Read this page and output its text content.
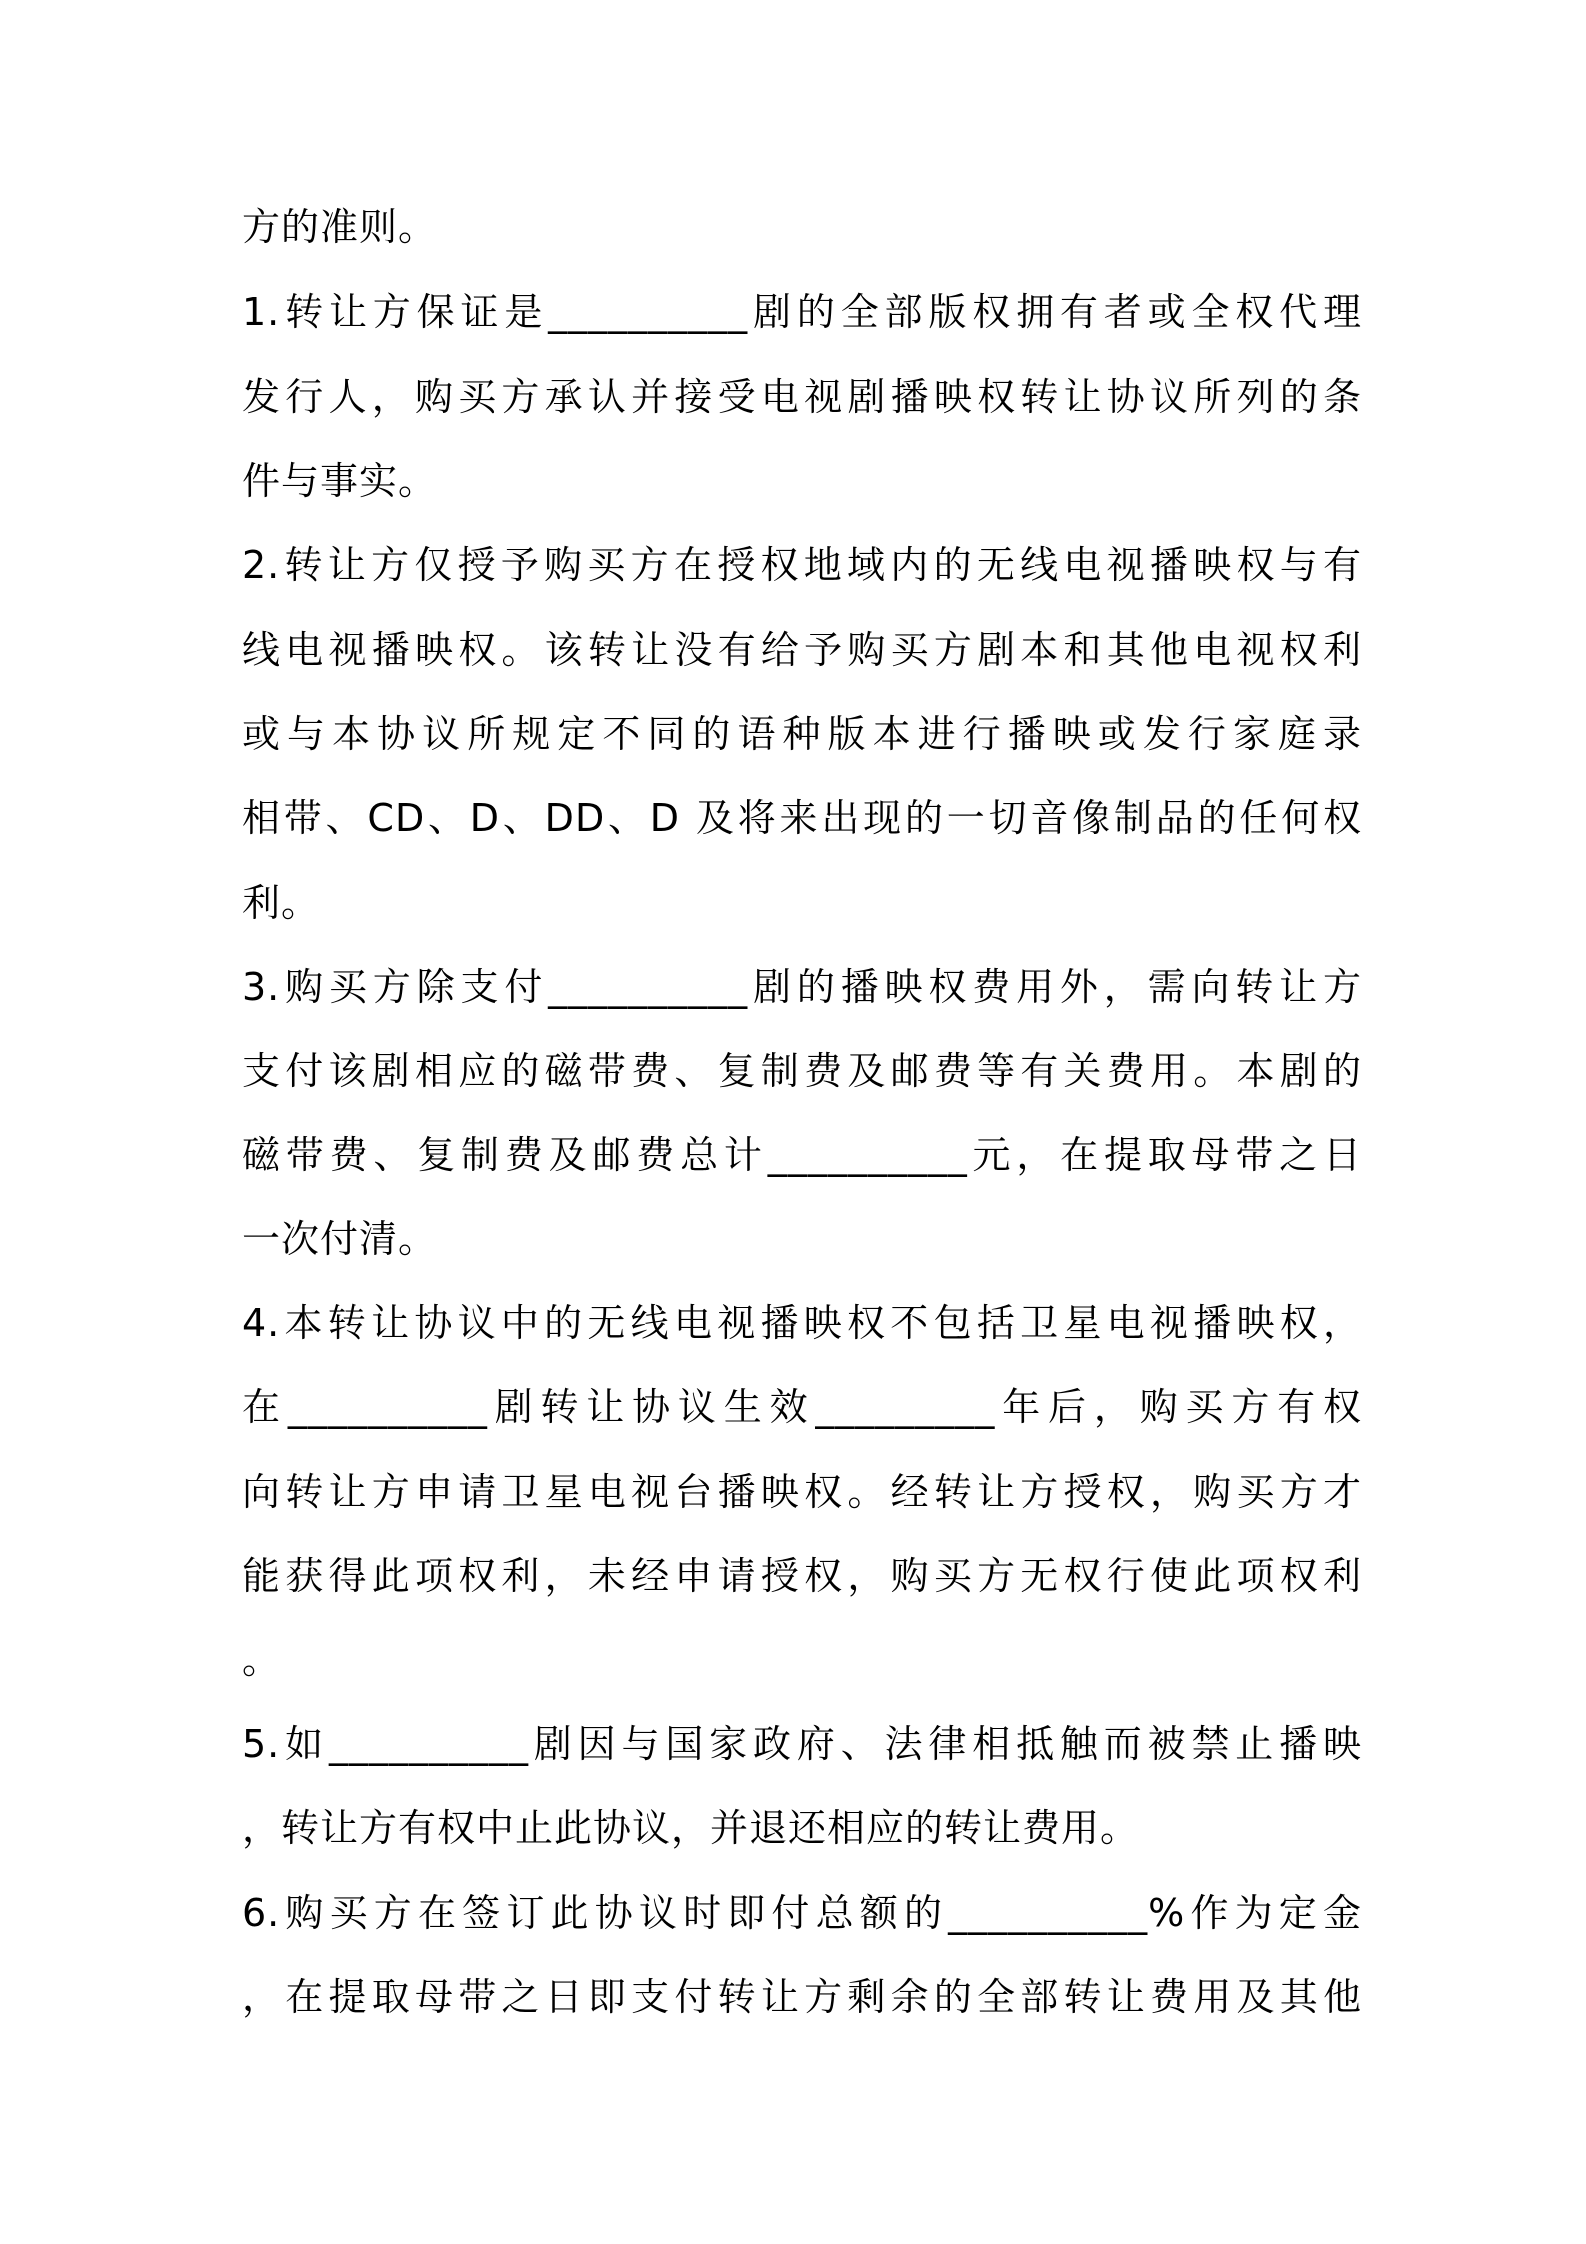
方的准则。
1.转让方保证是__________剧的全部版权拥有者或全权代理
发行人，购买方承认并接受电视剧播映权转让协议所列的条
件与事实。
2.转让方仅授予购买方在授权地域内的无线电视播映权与有
线电视播映权。该转让没有给予购买方剧本和其他电视权利
或与本协议所规定不同的语种版本进行播映或发行家庭录
相带、CD、D、DD、D 及将来出现的一切音像制品的任何权
利。
3.购买方除支付__________剧的播映权费用外，需向转让方
支付该剧相应的磁带费、复制费及邮费等有关费用。本剧的
磁带费、复制费及邮费总计__________元，在提取母带之日
一次付清。
4.本转让协议中的无线电视播映权不包括卫星电视播映权，
在__________剧转让协议生效_________年后，购买方有权
向转让方申请卫星电视台播映权。经转让方授权，购买方才
能获得此项权利，未经申请授权，购买方无权行使此项权利
。
5.如__________剧因与国家政府、法律相抵触而被禁止播映
，转让方有权中止此协议，并退还相应的转让费用。
6.购买方在签订此协议时即付总额的__________%作为定金
，在提取母带之日即支付转让方剩余的全部转让费用及其他
